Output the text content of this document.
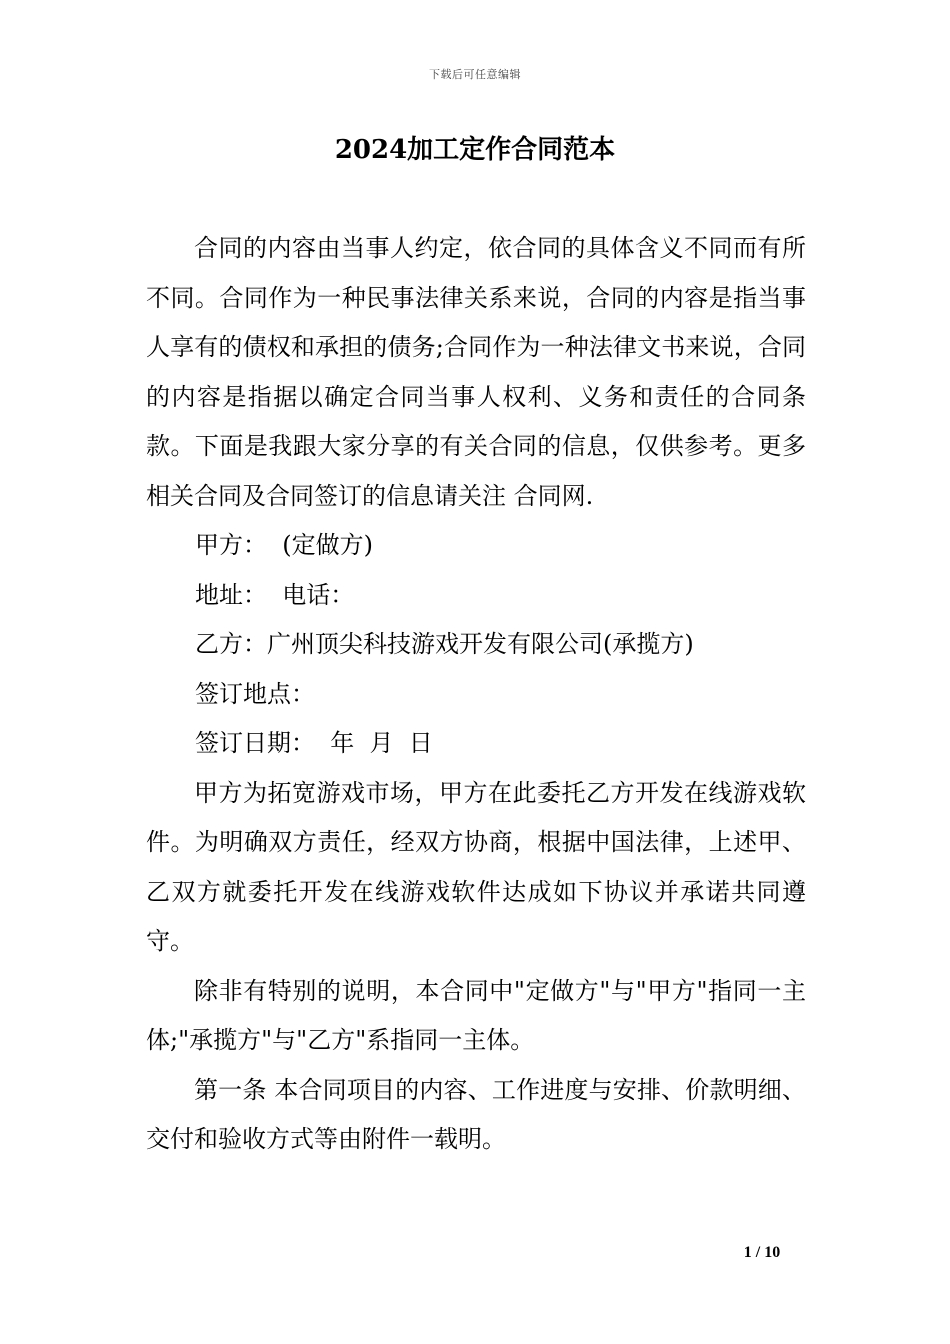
下载后可任意编辑
2024加工定作合同范本

合同的内容由当事人约定，依合同的具体含义不同而有所不同。合同作为一种民事法律关系来说，合同的内容是指当事人享有的债权和承担的债务;合同作为一种法律文书来说，合同的内容是指据以确定合同当事人权利、义务和责任的合同条款。下面是我跟大家分享的有关合同的信息，仅供参考。更多相关合同及合同签订的信息请关注 合同网.

甲方：  (定做方)

地址：  电话：

乙方：广州顶尖科技游戏开发有限公司(承揽方)

签订地点：

签订日期：  年  月  日

甲方为拓宽游戏市场，甲方在此委托乙方开发在线游戏软件。为明确双方责任，经双方协商，根据中国法律，上述甲、乙双方就委托开发在线游戏软件达成如下协议并承诺共同遵守。

除非有特别的说明，本合同中"定做方"与"甲方"指同一主体;"承揽方"与"乙方"系指同一主体。

第一条 本合同项目的内容、工作进度与安排、价款明细、交付和验收方式等由附件一载明。

1 / 10
